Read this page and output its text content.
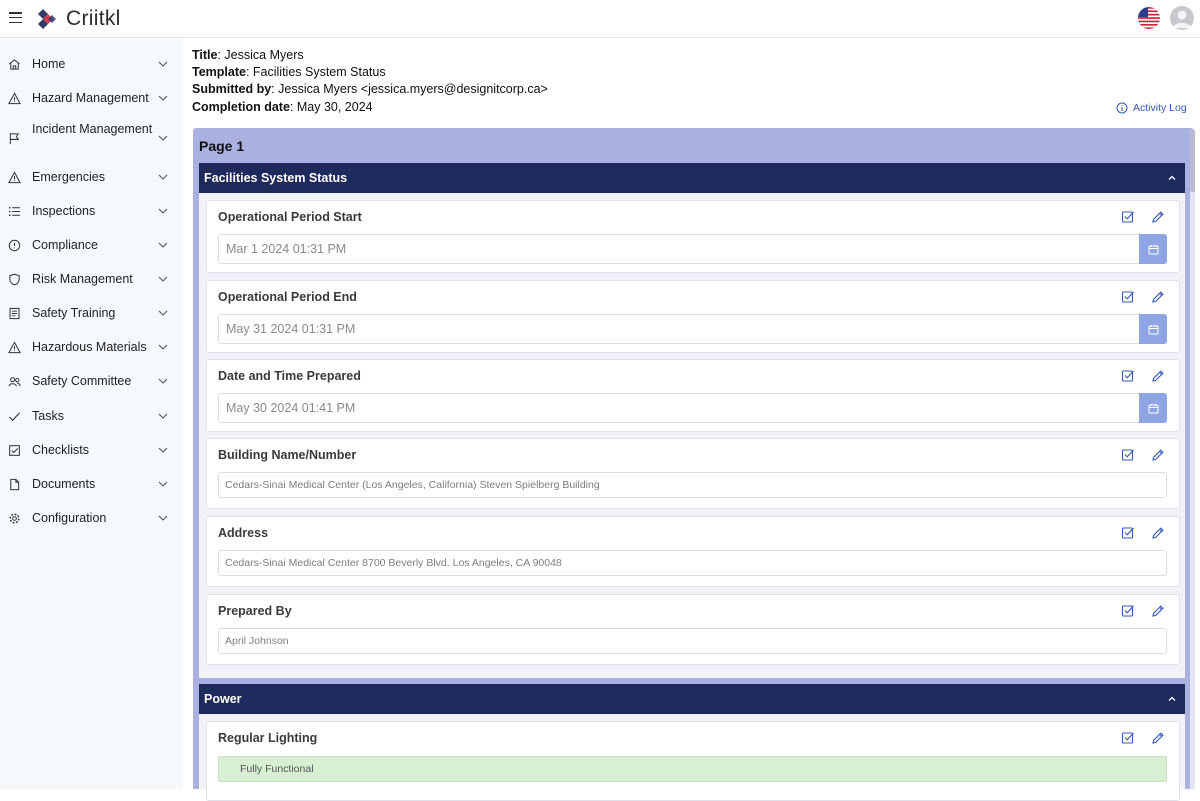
Criitkl
Home
Hazard Management
Incident Management
Emergencies
Inspections
Compliance
Risk Management
Safety Training
Hazardous Materials
Safety Committee
Tasks
Checklists
Documents
Configuration
Title: Jessica Myers
Template: Facilities System Status
Submitted by: Jessica Myers <jessica.myers@designitcorp.ca>
Completion date: May 30, 2024	Activity Log
Page 1
Facilities System Status
Operational Period Start
Mar 1 2024 01:31 PM
Operational Period End
May 31 2024 01:31 PM
Date and Time Prepared
May 30 2024 01:41 PM
Building Name/Number
Cedars-Sinai Medical Center (Los Angeles, California) Steven Spielberg Building
Address
Cedars-Sinai Medical Center 8700 Beverly Blvd. Los Angeles, CA 90048
Prepared By
April Johnson
Power
Regular Lighting
Fully Functional
